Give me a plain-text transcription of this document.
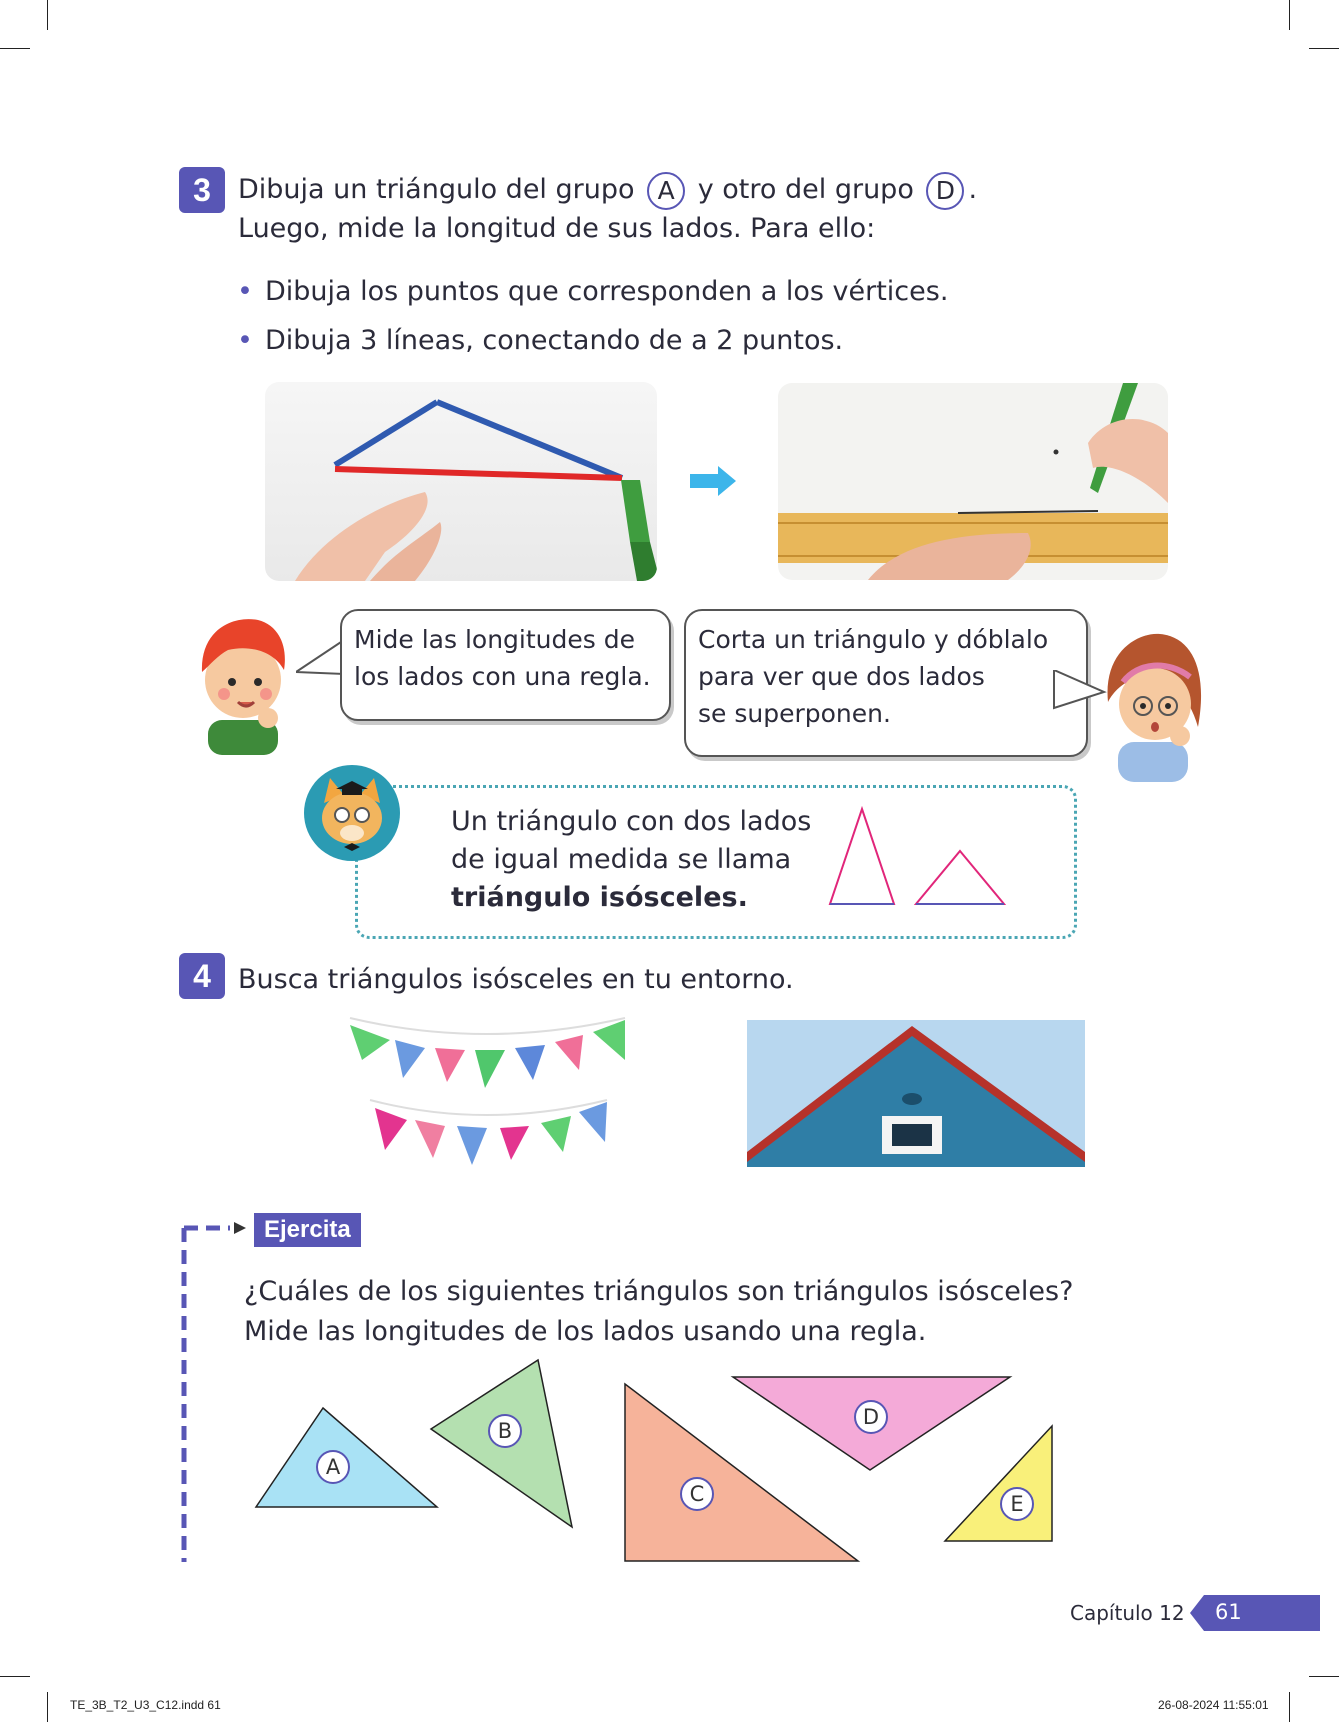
3	Dibuja un triángulo del grupo A y otro del grupo D .
Luego, mide la longitud de sus lados. Para ello:
• Dibuja los puntos que corresponden a los vértices.
• Dibuja 3 líneas, conectando de a 2 puntos.
Mide las longitudes de
los lados con una regla.
Corta un triángulo y dóblalo
para ver que dos lados
se superponen.
Un triángulo con dos lados
de igual medida se llama
triángulo isósceles.
4	Busca triángulos isósceles en tu entorno.
Ejercita
¿Cuáles de los siguientes triángulos son triángulos isósceles?
Mide las longitudes de los lados usando una regla.
A
B
C
D
E
Capítulo 12 61
TE_3B_T2_U3_C12.indd 61	26-08-2024 11:55:01
